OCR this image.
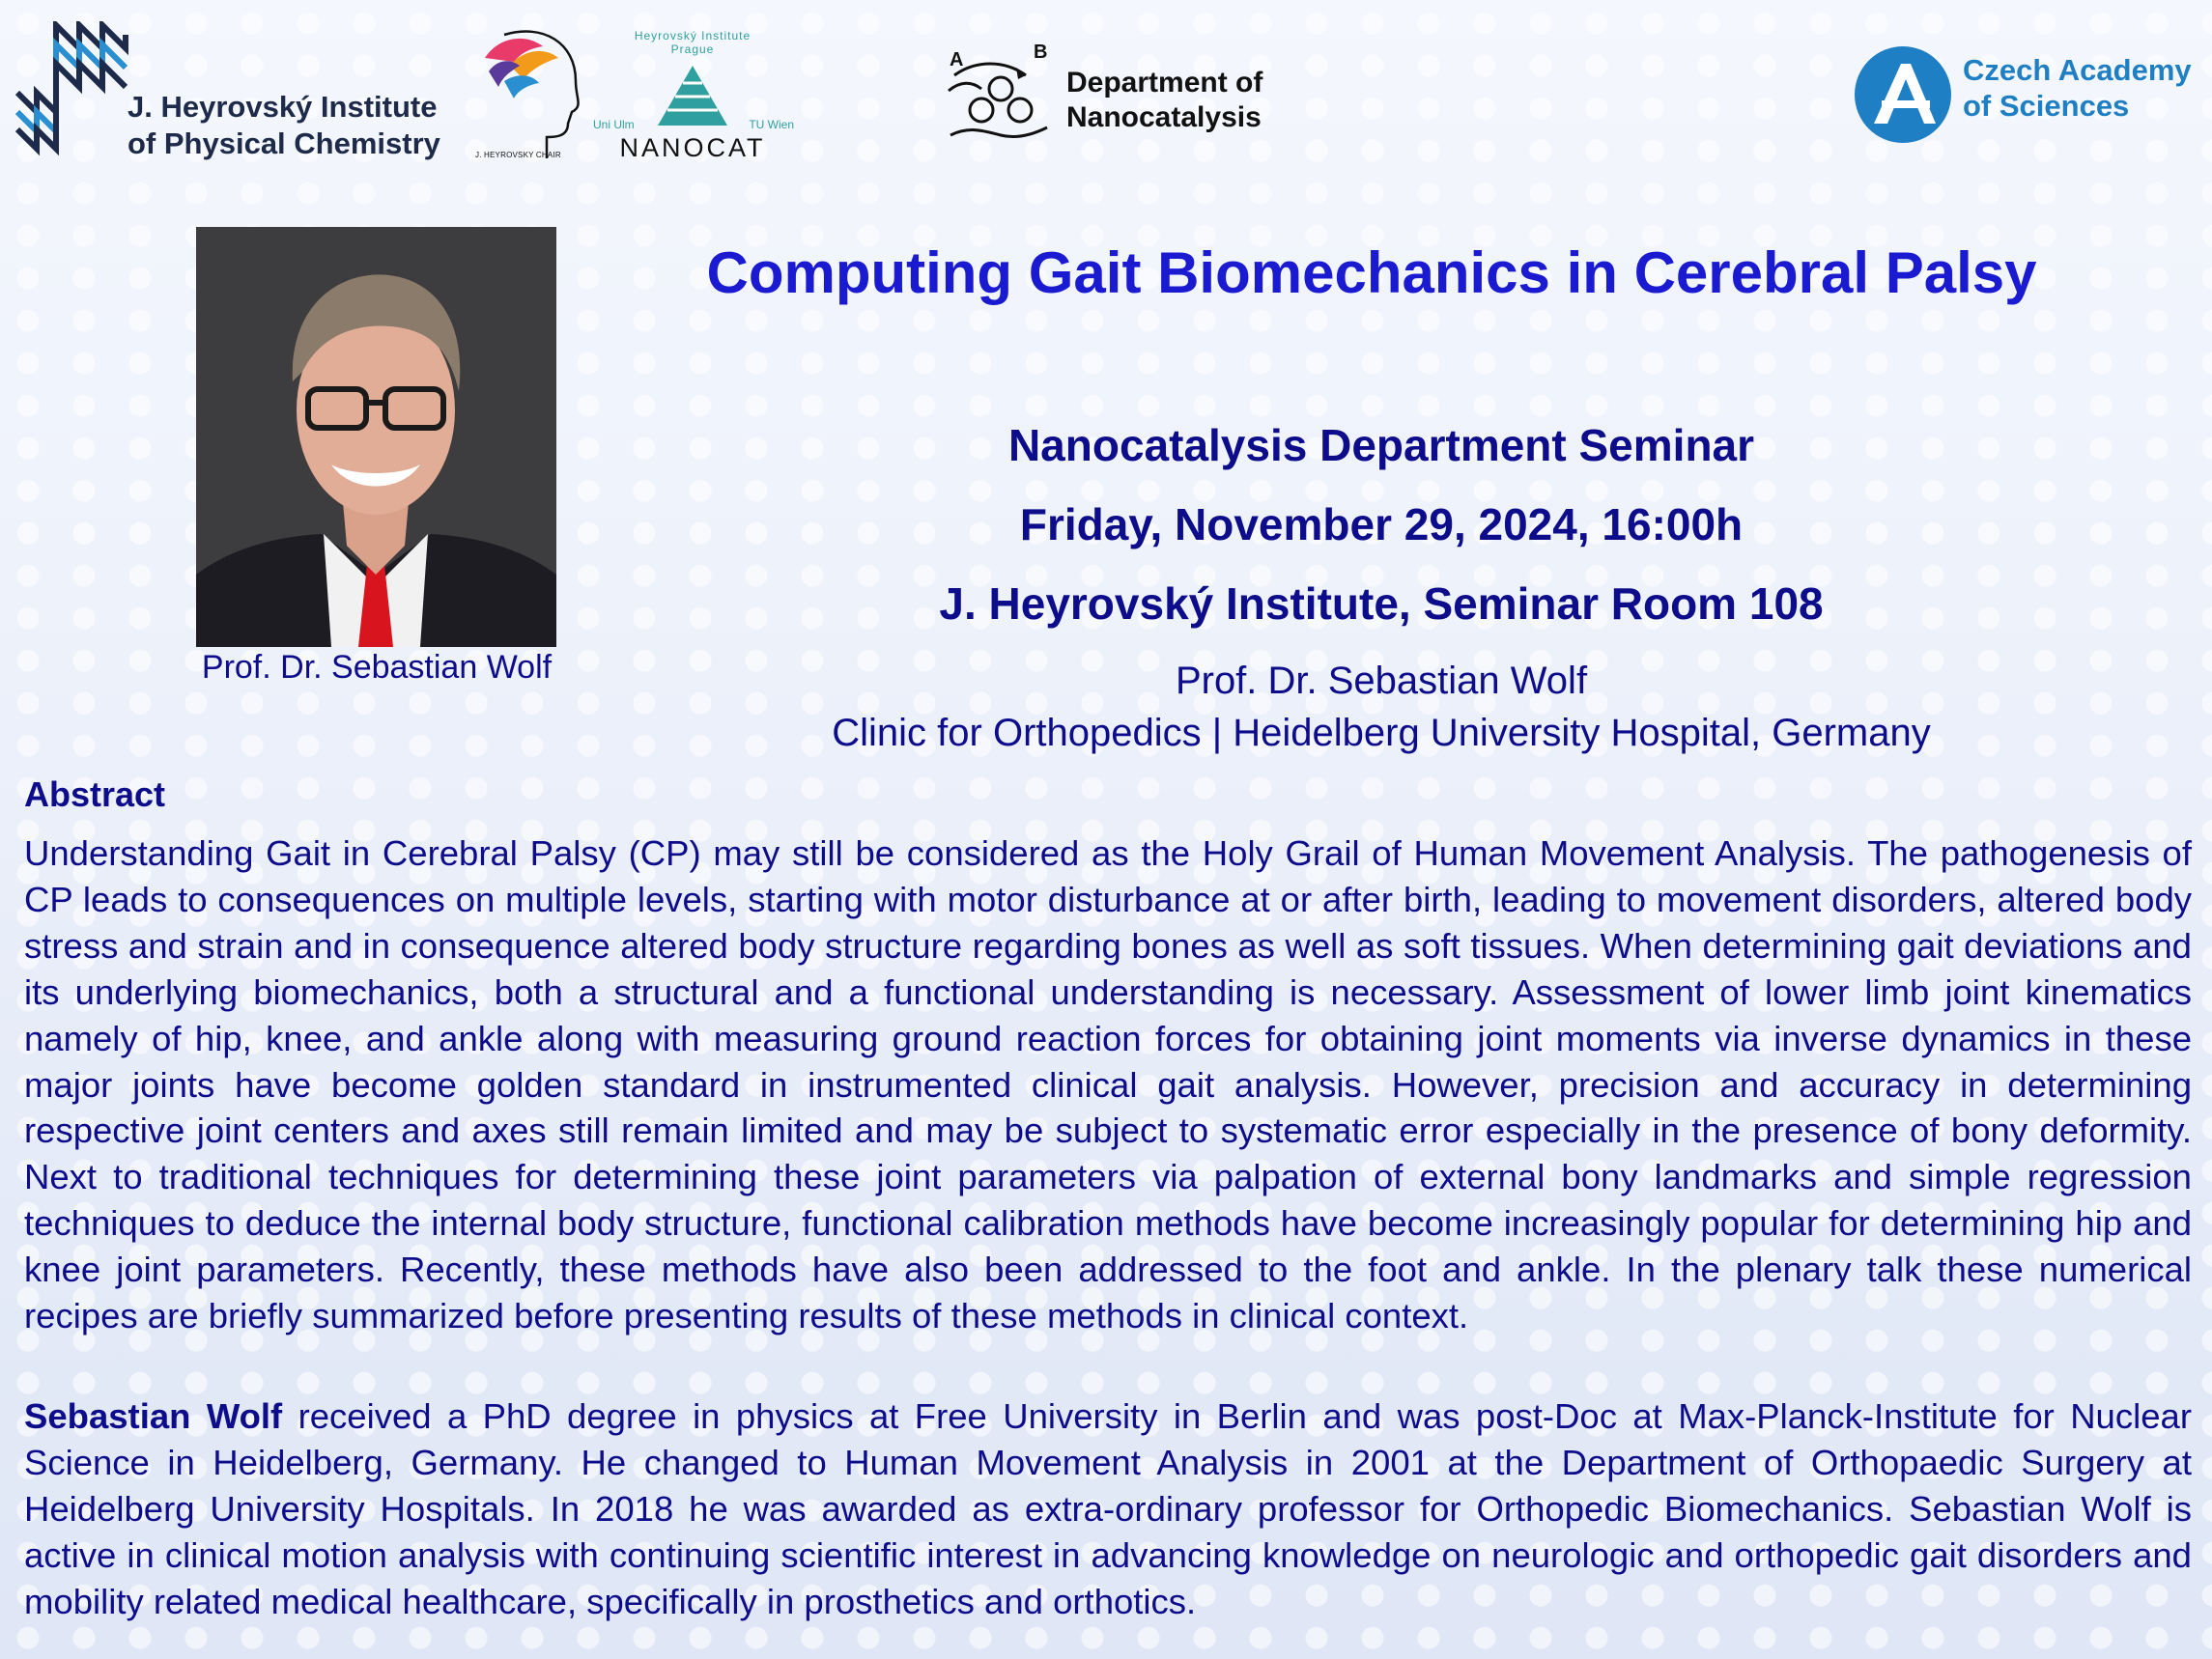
J. Heyrovský Institute
of Physical Chemistry	J. HEYROVSKY CHAIR
Heyrovský Institute
Prague
Uni Ulm	TU Wien
NANOCAT
A	B
Department of
Nanocatalysis
Czech Academy
of Sciences
Prof. Dr. Sebastian Wolf
Computing Gait Biomechanics in Cerebral Palsy
Nanocatalysis Department Seminar
Friday, November 29, 2024, 16:00h
J. Heyrovský Institute, Seminar Room 108
Prof. Dr. Sebastian Wolf
Clinic for Orthopedics | Heidelberg University Hospital, Germany
Abstract
Understanding Gait in Cerebral Palsy (CP) may still be considered as the Holy Grail of Human Movement Analysis. The pathogenesis of CP leads to consequences on multiple levels, starting with motor disturbance at or after birth, leading to movement disorders, altered body stress and strain and in consequence altered body structure regarding bones as well as soft tissues. When determining gait deviations and its underlying biomechanics, both a structural and a functional understanding is necessary. Assessment of lower limb joint kinematics namely of hip, knee, and ankle along with measuring ground reaction forces for obtaining joint moments via inverse dynamics in these major joints have become golden standard in instrumented clinical gait analysis. However, precision and accuracy in determining respective joint centers and axes still remain limited and may be subject to systematic error especially in the presence of bony deformity. Next to traditional techniques for determining these joint parameters via palpation of external bony landmarks and simple regression techniques to deduce the internal body structure, functional calibration methods have become increasingly popular for determining hip and knee joint parameters. Recently, these methods have also been addressed to the foot and ankle. In the plenary talk these numerical recipes are briefly summarized before presenting results of these methods in clinical context.
Sebastian Wolf received a PhD degree in physics at Free University in Berlin and was post-Doc at Max-Planck-Institute for Nuclear Science in Heidelberg, Germany. He changed to Human Movement Analysis in 2001 at the Department of Orthopaedic Surgery at Heidelberg University Hospitals. In 2018 he was awarded as extra-ordinary professor for Orthopedic Biomechanics. Sebastian Wolf is active in clinical motion analysis with continuing scientific interest in advancing knowledge on neurologic and orthopedic gait disorders and mobility related medical healthcare, specifically in prosthetics and orthotics.
